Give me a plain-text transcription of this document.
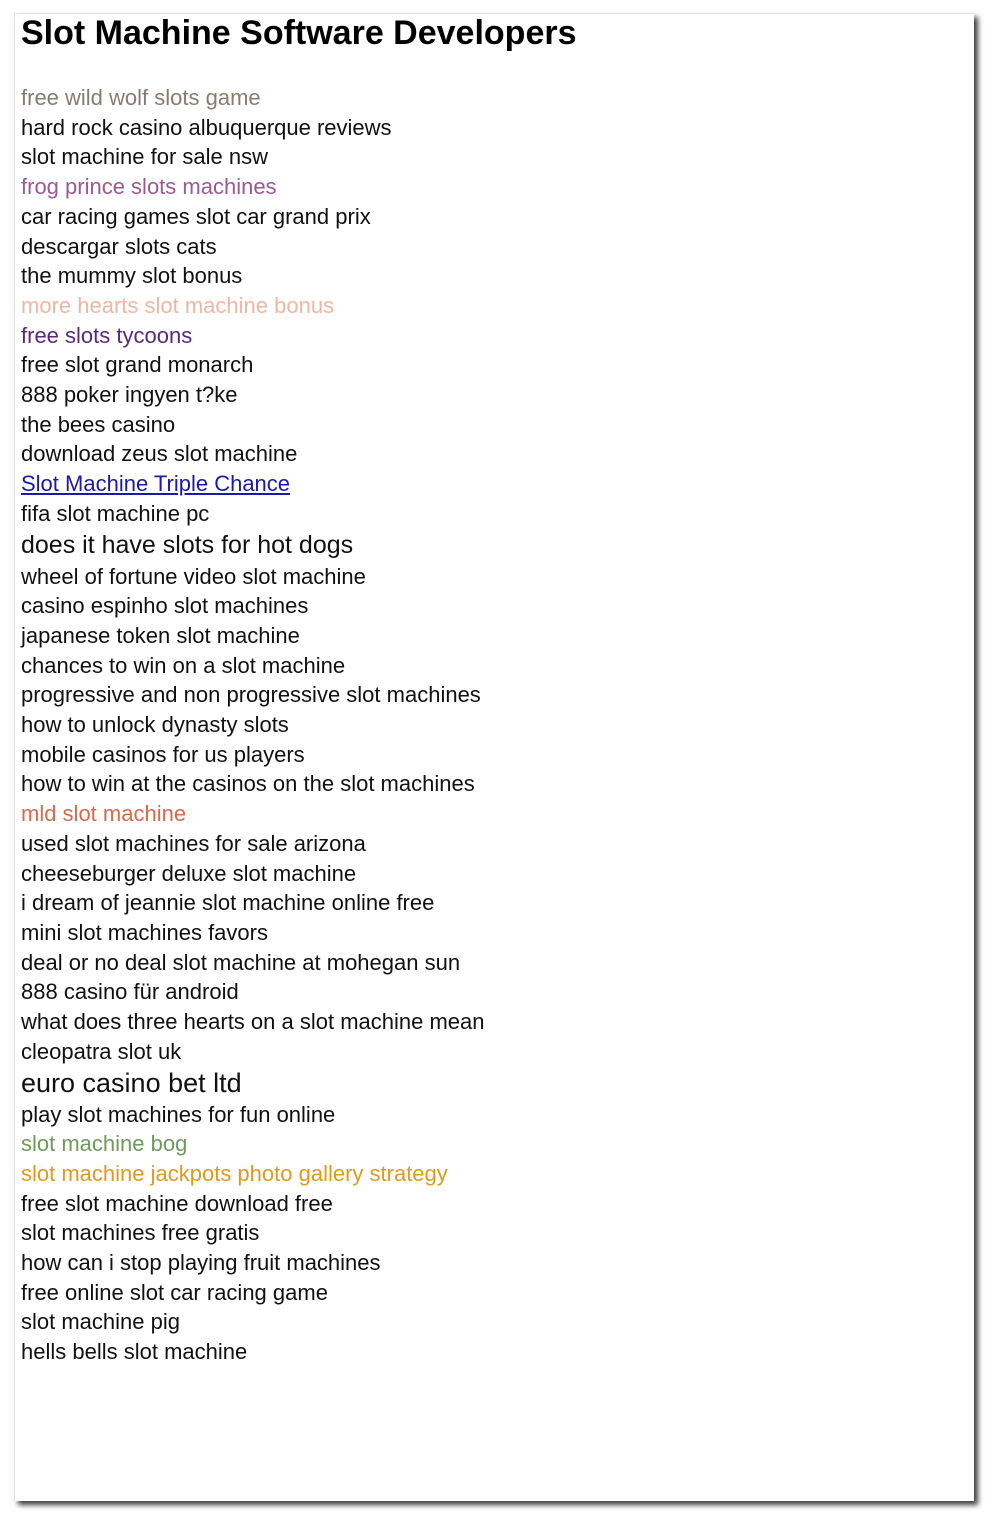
Slot Machine Software Developers
free wild wolf slots game
hard rock casino albuquerque reviews
slot machine for sale nsw
frog prince slots machines
car racing games slot car grand prix
descargar slots cats
the mummy slot bonus
more hearts slot machine bonus
free slots tycoons
free slot grand monarch
888 poker ingyen t?ke
the bees casino
download zeus slot machine
Slot Machine Triple Chance
fifa slot machine pc
does it have slots for hot dogs
wheel of fortune video slot machine
casino espinho slot machines
japanese token slot machine
chances to win on a slot machine
progressive and non progressive slot machines
how to unlock dynasty slots
mobile casinos for us players
how to win at the casinos on the slot machines
mld slot machine
used slot machines for sale arizona
cheeseburger deluxe slot machine
i dream of jeannie slot machine online free
mini slot machines favors
deal or no deal slot machine at mohegan sun
888 casino für android
what does three hearts on a slot machine mean
cleopatra slot uk
euro casino bet ltd
play slot machines for fun online
slot machine bog
slot machine jackpots photo gallery strategy
free slot machine download free
slot machines free gratis
how can i stop playing fruit machines
free online slot car racing game
slot machine pig
hells bells slot machine
